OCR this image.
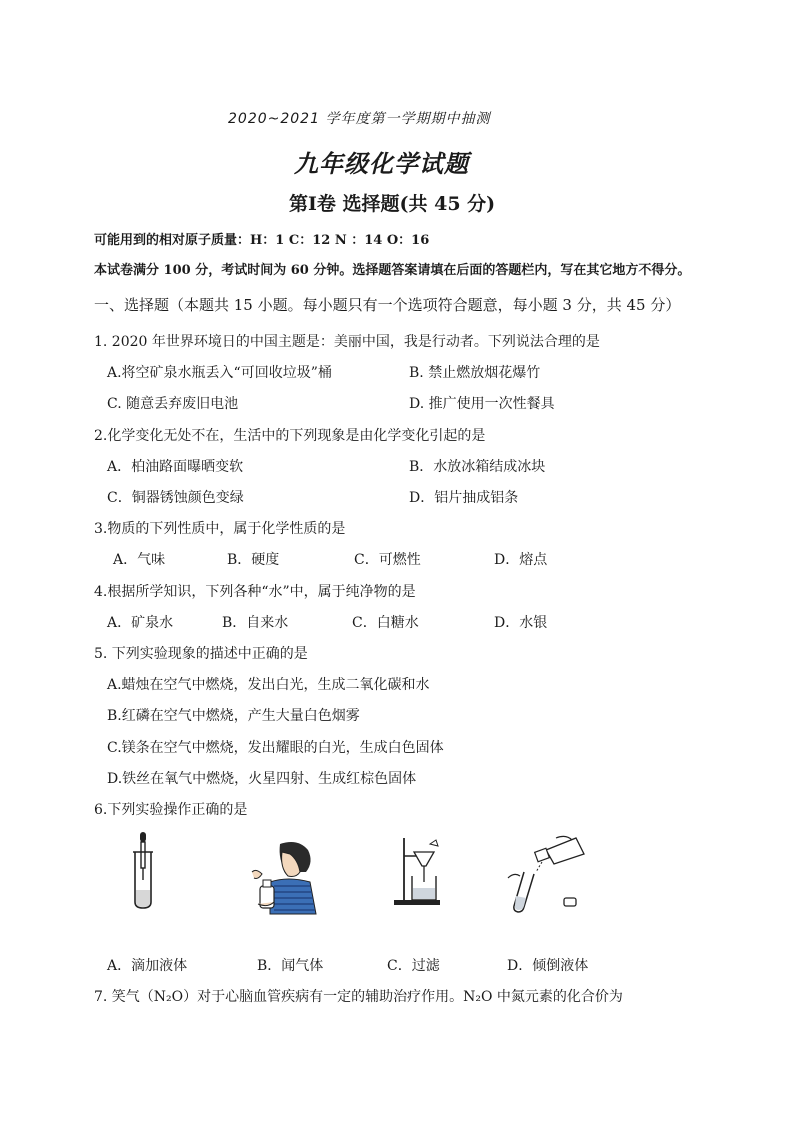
2020~2021 学年度第一学期期中抽测
九年级化学试题
第Ⅰ卷 选择题(共 45 分)
可能用到的相对原子质量：H：1 C：12 N ：14 O：16
本试卷满分 100 分，考试时间为 60 分钟。选择题答案请填在后面的答题栏内，写在其它地方不得分。
一、选择题（本题共 15 小题。每小题只有一个选项符合题意，每小题 3 分，共 45 分）
1. 2020 年世界环境日的中国主题是：美丽中国，我是行动者。下列说法合理的是
A.将空矿泉水瓶丢入“可回收垃圾”桶	B. 禁止燃放烟花爆竹
C. 随意丢弃废旧电池	D. 推广使用一次性餐具
2.化学变化无处不在，生活中的下列现象是由化学变化引起的是
A．柏油路面曝晒变软	B．水放冰箱结成冰块
C．铜器锈蚀颜色变绿	D．铝片抽成铝条
3.物质的下列性质中，属于化学性质的是
A．气味	B．硬度	C．可燃性	D．熔点
4.根据所学知识，下列各种“水”中，属于纯净物的是
A．矿泉水	B．自来水	C．白糖水	D．水银
5. 下列实验现象的描述中正确的是
A.蜡烛在空气中燃烧，发出白光，生成二氧化碳和水
B.红磷在空气中燃烧，产生大量白色烟雾
C.镁条在空气中燃烧，发出耀眼的白光，生成白色固体
D.铁丝在氧气中燃烧，火星四射、生成红棕色固体
6.下列实验操作正确的是
A．滴加液体	B．闻气体	C．过滤	D．倾倒液体
7. 笑气（N₂O）对于心脑血管疾病有一定的辅助治疗作用。N₂O 中氮元素的化合价为
